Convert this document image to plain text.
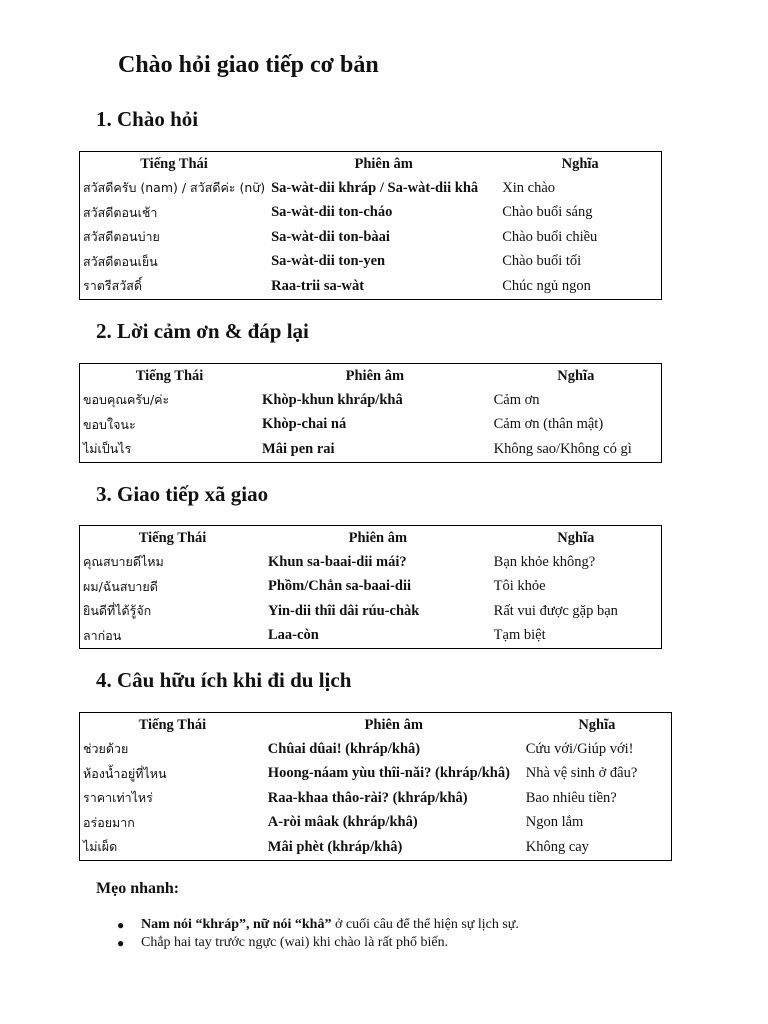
Chào hỏi giao tiếp cơ bản
1. Chào hỏi
Tiếng Thái	Phiên âm	Nghĩa
สวัสดีครับ (nam) / สวัสดีค่ะ (nữ)	Sa-wàt-dii khráp / Sa-wàt-dii khâ	Xin chào
สวัสดีตอนเช้า	Sa-wàt-dii ton-cháo	Chào buổi sáng
สวัสดีตอนบ่าย	Sa-wàt-dii ton-bàai	Chào buổi chiều
สวัสดีตอนเย็น	Sa-wàt-dii ton-yen	Chào buổi tối
ราตรีสวัสดิ์	Raa-trii sa-wàt	Chúc ngủ ngon
2. Lời cảm ơn & đáp lại
Tiếng Thái	Phiên âm	Nghĩa
ขอบคุณครับ/ค่ะ	Khòp-khun khráp/khâ	Cảm ơn
ขอบใจนะ	Khòp-chai ná	Cảm ơn (thân mật)
ไม่เป็นไร	Mâi pen rai	Không sao/Không có gì
3. Giao tiếp xã giao
Tiếng Thái	Phiên âm	Nghĩa
คุณสบายดีไหม	Khun sa-baai-dii mái?	Bạn khỏe không?
ผม/ฉันสบายดี	Phồm/Chẳn sa-baai-dii	Tôi khỏe
ยินดีที่ได้รู้จัก	Yin-dii thîi dâi rúu-chàk	Rất vui được gặp bạn
ลาก่อน	Laa-còn	Tạm biệt
4. Câu hữu ích khi đi du lịch
Tiếng Thái	Phiên âm	Nghĩa
ช่วยด้วย	Chûai dûai! (khráp/khâ)	Cứu với/Giúp với!
ห้องน้ำอยู่ที่ไหน	Hoong-náam yùu thîi-nǎi? (khráp/khâ)	Nhà vệ sinh ở đâu?
ราคาเท่าไหร่	Raa-khaa thâo-rài? (khráp/khâ)	Bao nhiêu tiền?
อร่อยมาก	A-ròi mâak (khráp/khâ)	Ngon lắm
ไม่เผ็ด	Mâi phèt (khráp/khâ)	Không cay
Mẹo nhanh:
● Nam nói “khráp”, nữ nói “khâ” ở cuối câu để thể hiện sự lịch sự.
● Chắp hai tay trước ngực (wai) khi chào là rất phổ biến.
